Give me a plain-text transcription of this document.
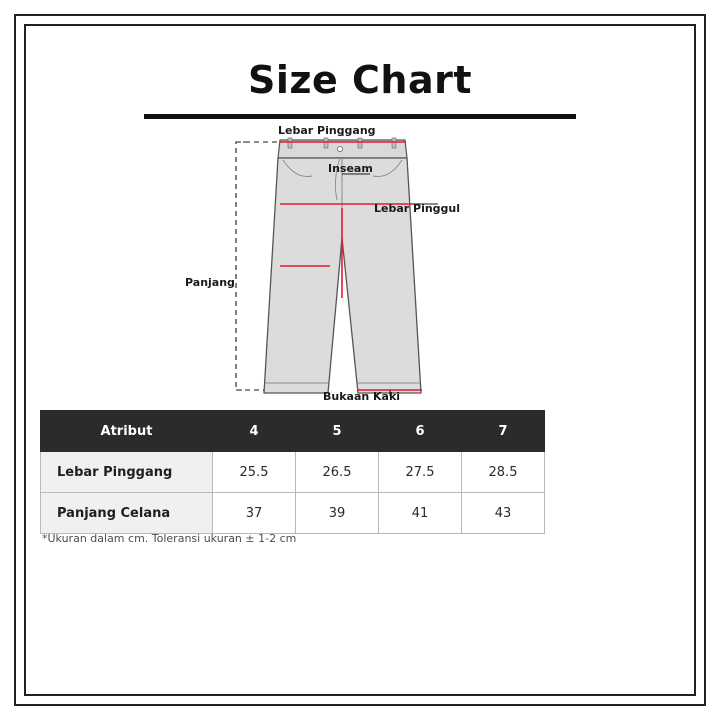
Size Chart
Lebar Pinggang
Inseam
Lebar Pinggul
Panjang
Bukaan Kaki
Atribut	4	5	6	7
Lebar Pinggang	25.5	26.5	27.5	28.5
Panjang Celana	37	39	41	43
*Ukuran dalam cm. Toleransi ukuran ± 1-2 cm
